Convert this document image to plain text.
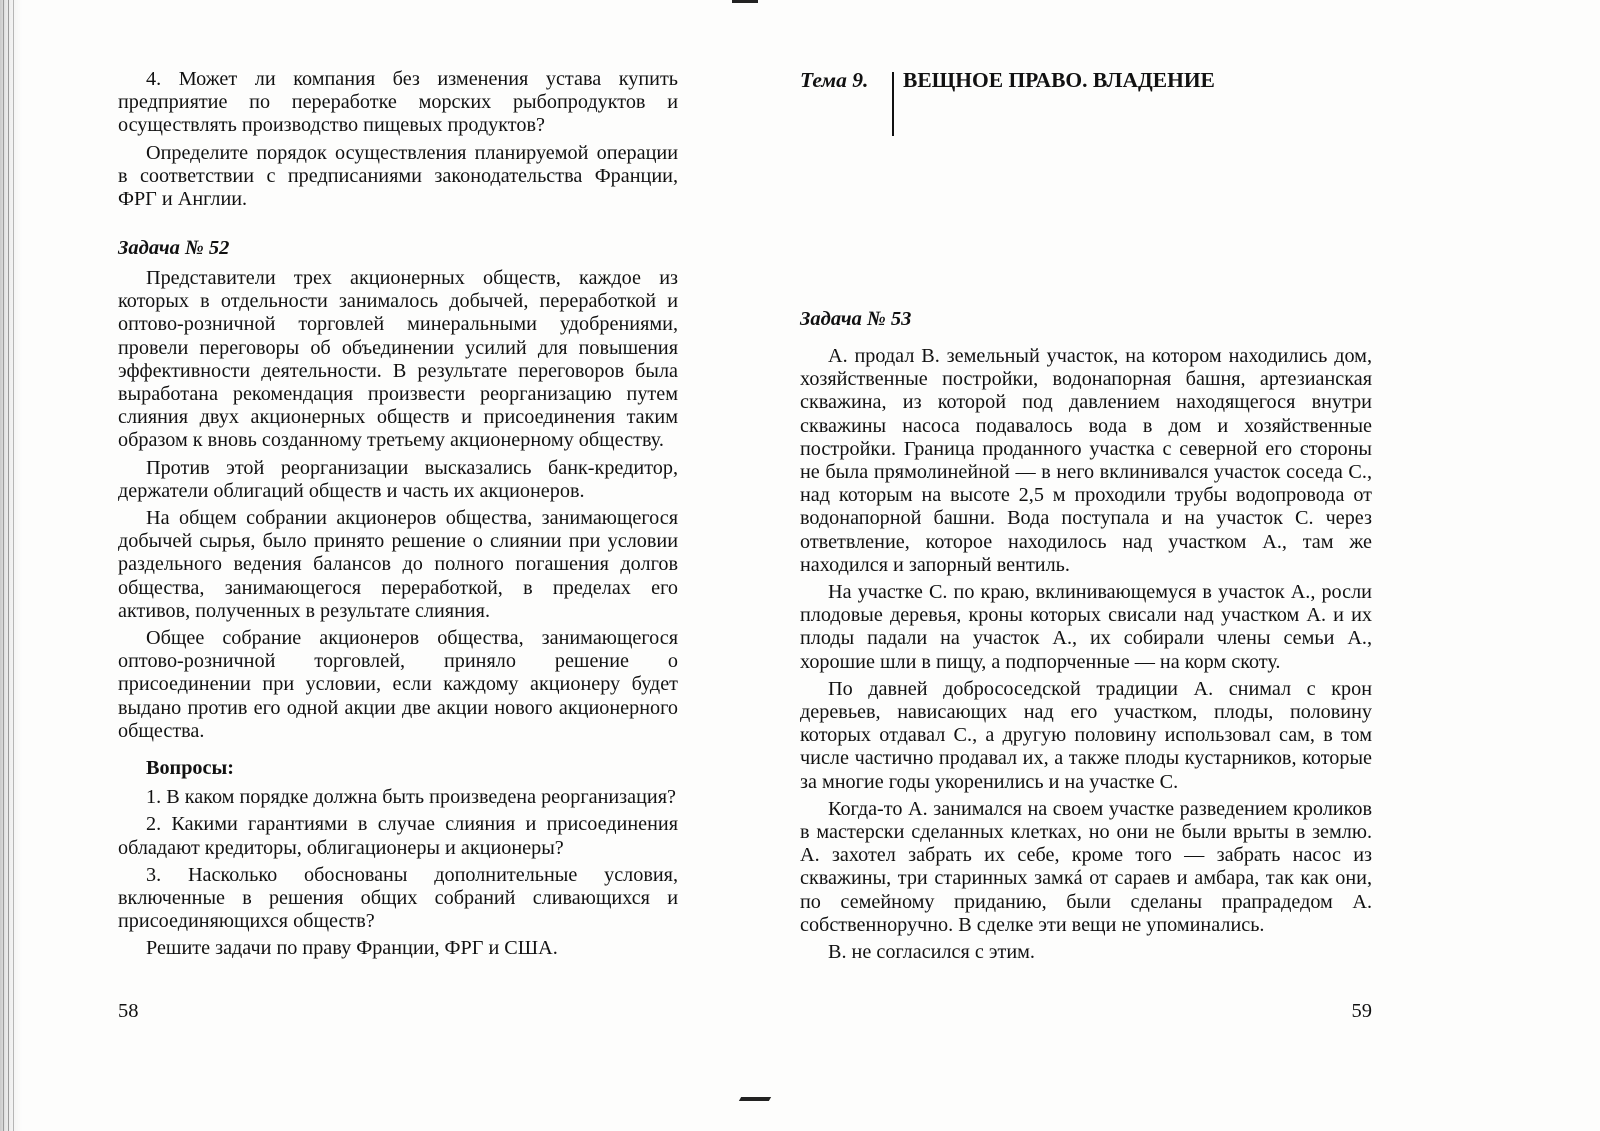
4. Может ли компания без изменения устава купить предприятие по переработке морских рыбопродуктов и осуществлять производство пищевых продуктов?

Определите порядок осуществления планируемой операции в соответствии с предписаниями законодательства Франции, ФРГ и Англии.

Задача № 52

Представители трех акционерных обществ, каждое из которых в отдельности занималось добычей, переработкой и оптово-розничной торговлей минеральными удобрениями, провели переговоры об объединении усилий для повышения эффективности деятельности. В результате переговоров была выработана рекомендация произвести реорганизацию путем слияния двух акционерных обществ и присоединения таким образом к вновь созданному третьему акционерному обществу.

Против этой реорганизации высказались банк-кредитор, держатели облигаций обществ и часть их акционеров.

На общем собрании акционеров общества, занимающегося добычей сырья, было принято решение о слиянии при условии раздельного ведения балансов до полного погашения долгов общества, занимающегося переработкой, в пределах его активов, полученных в результате слияния.

Общее собрание акционеров общества, занимающегося оптово-розничной торговлей, приняло решение о присоединении при условии, если каждому акционеру будет выдано против его одной акции две акции нового акционерного общества.

Вопросы:

1. В каком порядке должна быть произведена реорганизация?

2. Какими гарантиями в случае слияния и присоединения обладают кредиторы, облигационеры и акционеры?

3. Насколько обоснованы дополнительные условия, включенные в решения общих собраний сливающихся и присоединяющихся обществ?

Решите задачи по праву Франции, ФРГ и США.

58
Тема 9. ВЕЩНОЕ ПРАВО. ВЛАДЕНИЕ
Задача № 53

А. продал В. земельный участок, на котором находились дом, хозяйственные постройки, водонапорная башня, артезианская скважина, из которой под давлением находящегося внутри скважины насоса подавалось вода в дом и хозяйственные постройки. Граница проданного участка с северной его стороны не была прямолинейной — в него вклинивался участок соседа С., над которым на высоте 2,5 м проходили трубы водопровода от водонапорной башни. Вода поступала и на участок С. через ответвление, которое находилось над участком А., там же находился и запорный вентиль.

На участке С. по краю, вклинивающемуся в участок А., росли плодовые деревья, кроны которых свисали над участком А. и их плоды падали на участок А., их собирали члены семьи А., хорошие шли в пищу, а подпорченные — на корм скоту.

По давней добрососедской традиции А. снимал с крон деревьев, нависающих над его участком, плоды, половину которых отдавал С., а другую половину использовал сам, в том числе частично продавал их, а также плоды кустарников, которые за многие годы укоренились и на участке С.

Когда-то А. занимался на своем участке разведением кроликов в мастерски сделанных клетках, но они не были врыты в землю. А. захотел забрать их себе, кроме того — забрать насос из скважины, три старинных замкá от сараев и амбара, так как они, по семейному приданию, были сделаны прапрадедом А. собственноручно. В сделке эти вещи не упоминались.

В. не согласился с этим.

59
